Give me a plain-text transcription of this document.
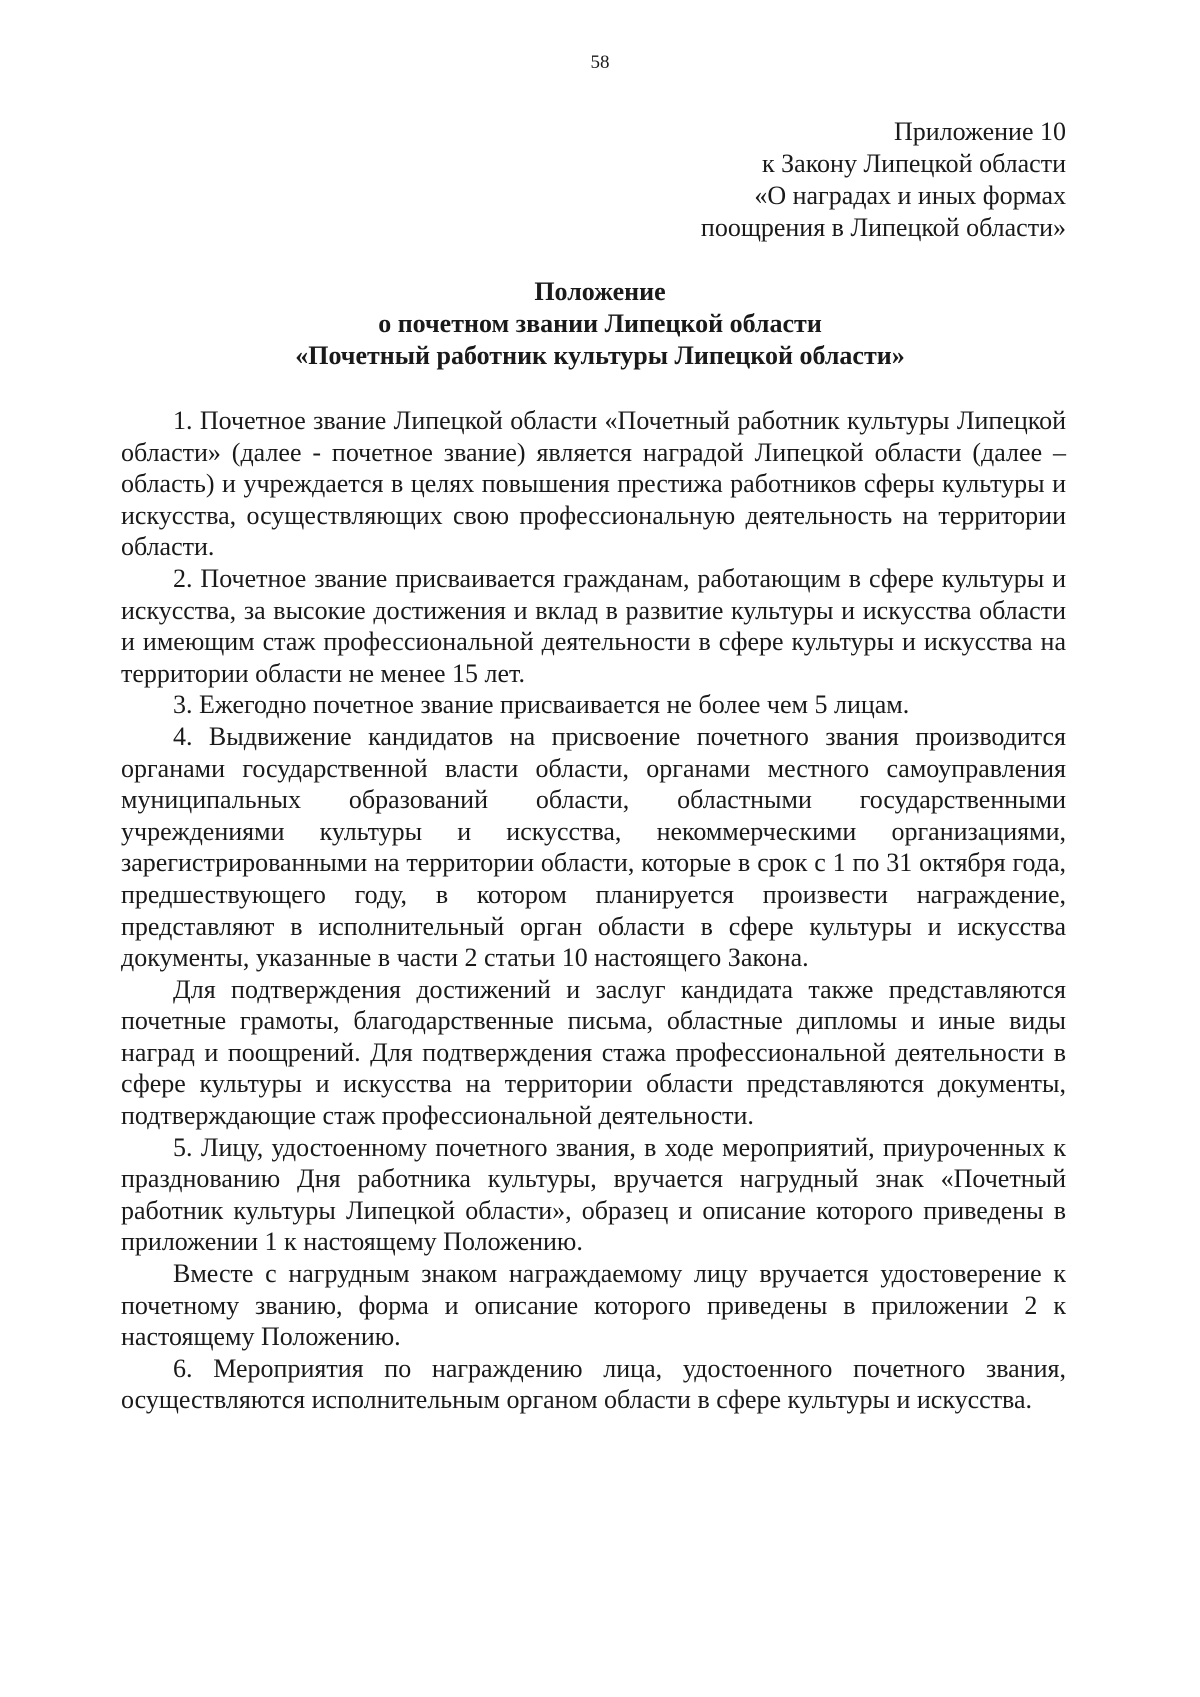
58
Приложение 10
к Закону Липецкой области
«О наградах и иных формах
поощрения в Липецкой области»
Положение
о почетном звании Липецкой области
«Почетный работник культуры Липецкой области»

1. Почетное звание Липецкой области «Почетный работник культуры Липецкой области» (далее - почетное звание) является наградой Липецкой области (далее – область) и учреждается в целях повышения престижа работников сферы культуры и искусства, осуществляющих свою профессиональную деятельность на территории области.

2. Почетное звание присваивается гражданам, работающим в сфере культуры и искусства, за высокие достижения и вклад в развитие культуры и искусства области и имеющим стаж профессиональной деятельности в сфере культуры и искусства на территории области не менее 15 лет.

3. Ежегодно почетное звание присваивается не более чем 5 лицам.

4. Выдвижение кандидатов на присвоение почетного звания производится органами государственной власти области, органами местного самоуправления муниципальных образований области, областными государственными учреждениями культуры и искусства, некоммерческими организациями, зарегистрированными на территории области, которые в срок с 1 по 31 октября года, предшествующего году, в котором планируется произвести награждение, представляют в исполнительный орган области в сфере культуры и искусства документы, указанные в части 2 статьи 10 настоящего Закона.

Для подтверждения достижений и заслуг кандидата также представляются почетные грамоты, благодарственные письма, областные дипломы и иные виды наград и поощрений. Для подтверждения стажа профессиональной деятельности в сфере культуры и искусства на территории области представляются документы, подтверждающие стаж профессиональной деятельности.

5. Лицу, удостоенному почетного звания, в ходе мероприятий, приуроченных к празднованию Дня работника культуры, вручается нагрудный знак «Почетный работник культуры Липецкой области», образец и описание которого приведены в приложении 1 к настоящему Положению.

Вместе с нагрудным знаком награждаемому лицу вручается удостоверение к почетному званию, форма и описание которого приведены в приложении 2 к настоящему Положению.

6. Мероприятия по награждению лица, удостоенного почетного звания, осуществляются исполнительным органом области в сфере культуры и искусства.
